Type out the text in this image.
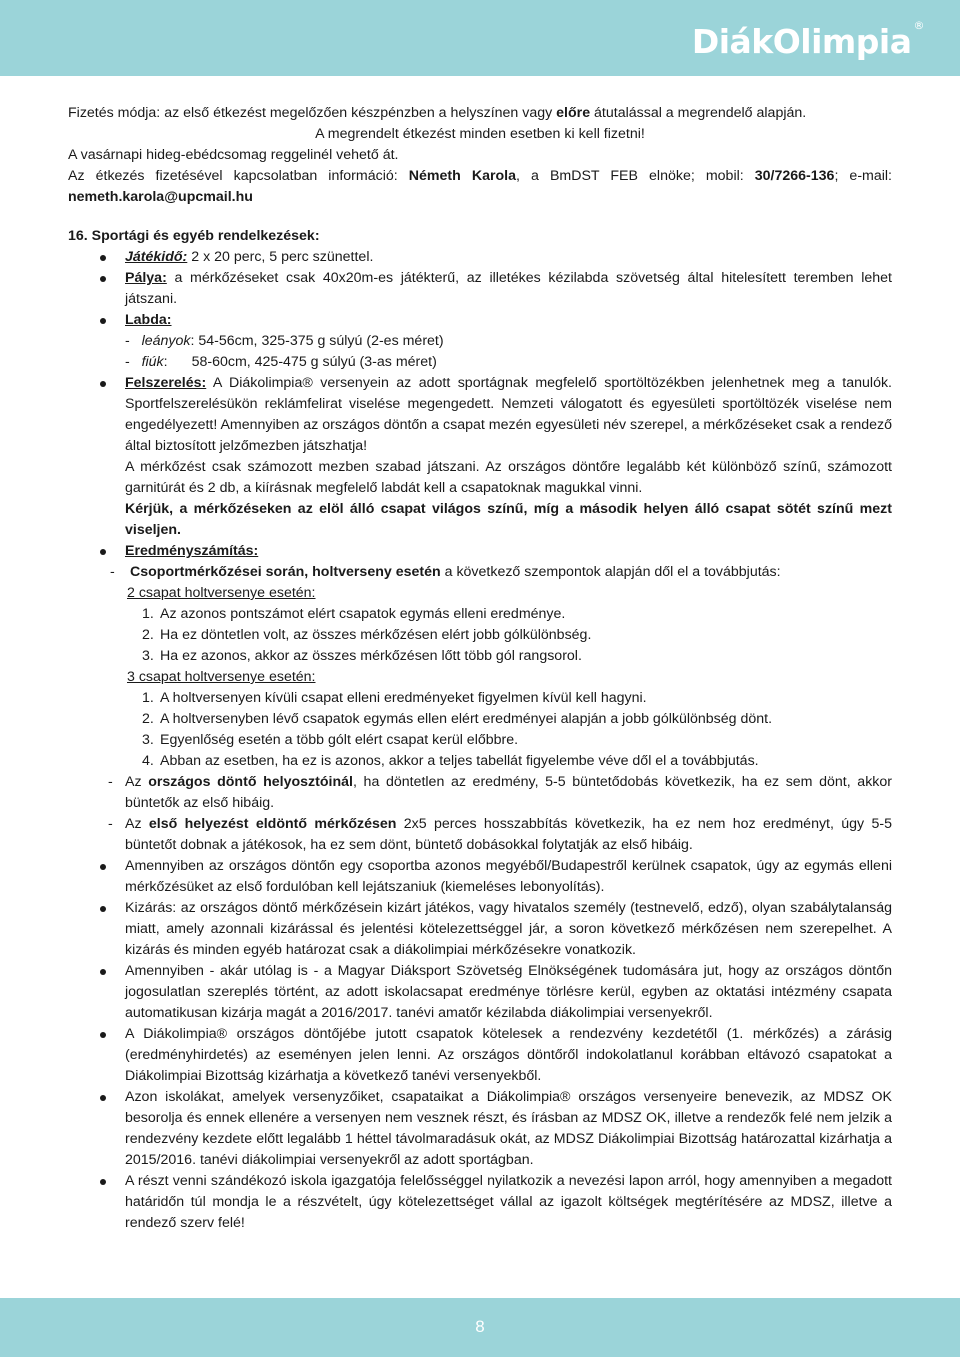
DiákOlimpia ®

Fizetés módja: az első étkezést megelőzően készpénzben a helyszínen vagy előre átutalással a megrendelő alapján.

A megrendelt étkezést minden esetben ki kell fizetni!

A vasárnapi hideg-ebédcsomag reggelinél vehető át.

Az étkezés fizetésével kapcsolatban információ: Németh Karola, a BmDST FEB elnöke; mobil: 30/7266-136; e-mail: nemeth.karola@upcmail.hu

16. Sportági és egyéb rendelkezések:

Játékidő: 2 x 20 perc, 5 perc szünettel.
Pálya: a mérkőzéseket csak 40x20m-es játékterű, az illetékes kézilabda szövetség által hitelesített teremben lehet játszani.
Labda:
-   leányok: 54-56cm, 325-375 g súlyú (2-es méret)
-   fiúk: 58-60cm, 425-475 g súlyú (3-as méret)
Felszerelés: A Diákolimpia® versenyein az adott sportágnak megfelelő sportöltözékben jelenhetnek meg a tanulók. Sportfelszerelésükön reklámfelirat viselése megengedett. Nemzeti válogatott és egyesületi sportöltözék viselése nem engedélyezett! Amennyiben az országos döntőn a csapat mezén egyesületi név szerepel, a mérkőzéseket csak a rendező által biztosított jelzőmezben játszhatja!
A mérkőzést csak számozott mezben szabad játszani. Az országos döntőre legalább két különböző színű, számozott garnitúrát és 2 db, a kiírásnak megfelelő labdát kell a csapatoknak magukkal vinni.
Kérjük, a mérkőzéseken az elöl álló csapat világos színű, míg a második helyen álló csapat sötét színű mezt viseljen.
Eredményszámítás:
-	Csoportmérkőzései során, holtverseny esetén a következő szempontok alapján dől el a továbbjutás:
2 csapat holtversenye esetén:
1. Az azonos pontszámot elért csapatok egymás elleni eredménye.
2. Ha ez döntetlen volt, az összes mérkőzésen elért jobb gólkülönbség.
3. Ha ez azonos, akkor az összes mérkőzésen lőtt több gól rangsorol.
3 csapat holtversenye esetén:
1. A holtversenyen kívüli csapat elleni eredményeket figyelmen kívül kell hagyni.
2. A holtversenyben lévő csapatok egymás ellen elért eredményei alapján a jobb gólkülönbség dönt.
3. Egyenlőség esetén a több gólt elért csapat kerül előbbre.
4. Abban az esetben, ha ez is azonos, akkor a teljes tabellát figyelembe véve dől el a továbbjutás.
- Az országos döntő helyosztóinál, ha döntetlen az eredmény, 5-5 büntetődobás következik, ha ez sem dönt, akkor büntetők az első hibáig.
- Az első helyezést eldöntő mérkőzésen 2x5 perces hosszabbítás következik, ha ez nem hoz eredményt, úgy 5-5 büntetőt dobnak a játékosok, ha ez sem dönt, büntető dobásokkal folytatják az első hibáig.
Amennyiben az országos döntőn egy csoportba azonos megyéből/Budapestről kerülnek csapatok, úgy az egymás elleni mérkőzésüket az első fordulóban kell lejátszaniuk (kiemeléses lebonyolítás).
Kizárás: az országos döntő mérkőzésein kizárt játékos, vagy hivatalos személy (testnevelő, edző), olyan szabálytalanság miatt, amely azonnali kizárással és jelentési kötelezettséggel jár, a soron következő mérkőzésen nem szerepelhet. A kizárás és minden egyéb határozat csak a diákolimpiai mérkőzésekre vonatkozik.
Amennyiben - akár utólag is - a Magyar Diáksport Szövetség Elnökségének tudomására jut, hogy az országos döntőn jogosulatlan szereplés történt, az adott iskolacsapat eredménye törlésre kerül, egyben az oktatási intézmény csapata automatikusan kizárja magát a 2016/2017. tanévi amatőr kézilabda diákolimpiai versenyekről.
A Diákolimpia® országos döntőjébe jutott csapatok kötelesek a rendezvény kezdetétől (1. mérkőzés) a zárásig (eredményhirdetés) az eseményen jelen lenni. Az országos döntőről indokolatlanul korábban eltávozó csapatokat a Diákolimpiai Bizottság kizárhatja a következő tanévi versenyekből.
Azon iskolákat, amelyek versenyzőiket, csapataikat a Diákolimpia® országos versenyeire benevezik, az MDSZ OK besorolja és ennek ellenére a versenyen nem vesznek részt, és írásban az MDSZ OK, illetve a rendezők felé nem jelzik a rendezvény kezdete előtt legalább 1 héttel távolmaradásuk okát, az MDSZ Diákolimpiai Bizottság határozattal kizárhatja a 2015/2016. tanévi diákolimpiai versenyekről az adott sportágban.
A részt venni szándékozó iskola igazgatója felelősséggel nyilatkozik a nevezési lapon arról, hogy amennyiben a megadott határidőn túl mondja le a részvételt, úgy kötelezettséget vállal az igazolt költségek megtérítésére az MDSZ, illetve a rendező szerv felé!
8
